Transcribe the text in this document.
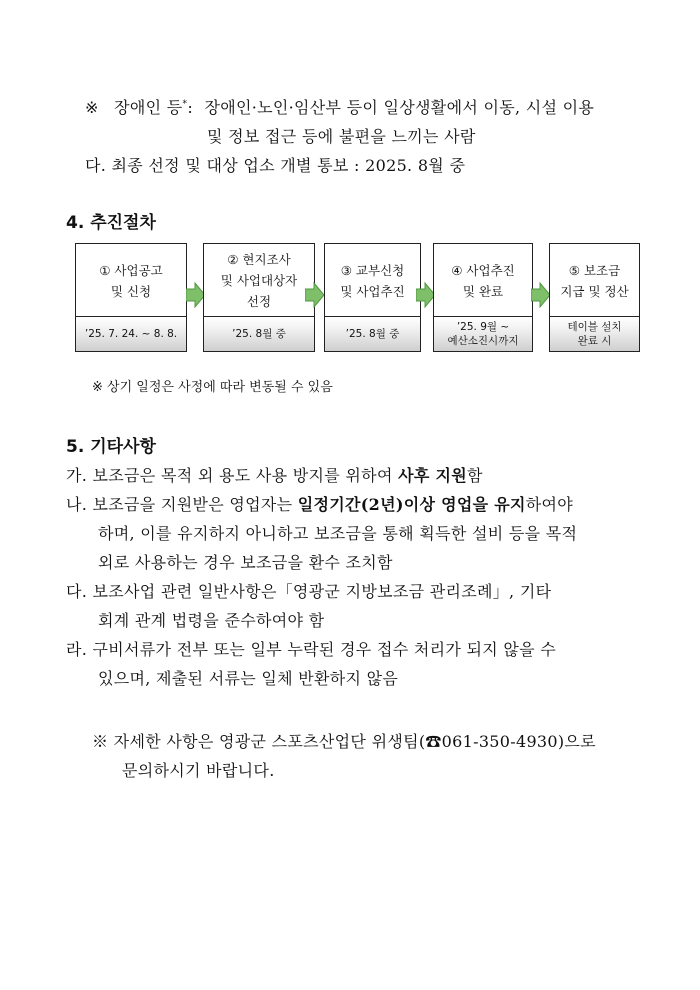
※ 장애인 등*: 장애인·노인·임산부 등이 일상생활에서 이동, 시설 이용
및 정보 접근 등에 불편을 느끼는 사람
다. 최종 선정 및 대상 업소 개별 통보 : 2025. 8월 중
4. 추진절차
① 사업공고
및 신청
’25. 7. 24. ~ 8. 8.
② 현지조사
및 사업대상자
선정
’25. 8월 중
③ 교부신청
및 사업추진
’25. 8월 중
④ 사업추진
및 완료
’25. 9월 ~
예산소진시까지
⑤ 보조금
지급 및 정산
테이블 설치
완료 시
※ 상기 일정은 사정에 따라 변동될 수 있음
5. 기타사항
가. 보조금은 목적 외 용도 사용 방지를 위하여 사후 지원함
나. 보조금을 지원받은 영업자는 일정기간(2년)이상 영업을 유지하여야
하며, 이를 유지하지 아니하고 보조금을 통해 획득한 설비 등을 목적
외로 사용하는 경우 보조금을 환수 조치함
다. 보조사업 관련 일반사항은「영광군 지방보조금 관리조례」, 기타
회계 관계 법령을 준수하여야 함
라. 구비서류가 전부 또는 일부 누락된 경우 접수 처리가 되지 않을 수
있으며, 제출된 서류는 일체 반환하지 않음
※ 자세한 사항은 영광군 스포츠산업단 위생팀(☎061-350-4930)으로
문의하시기 바랍니다.
